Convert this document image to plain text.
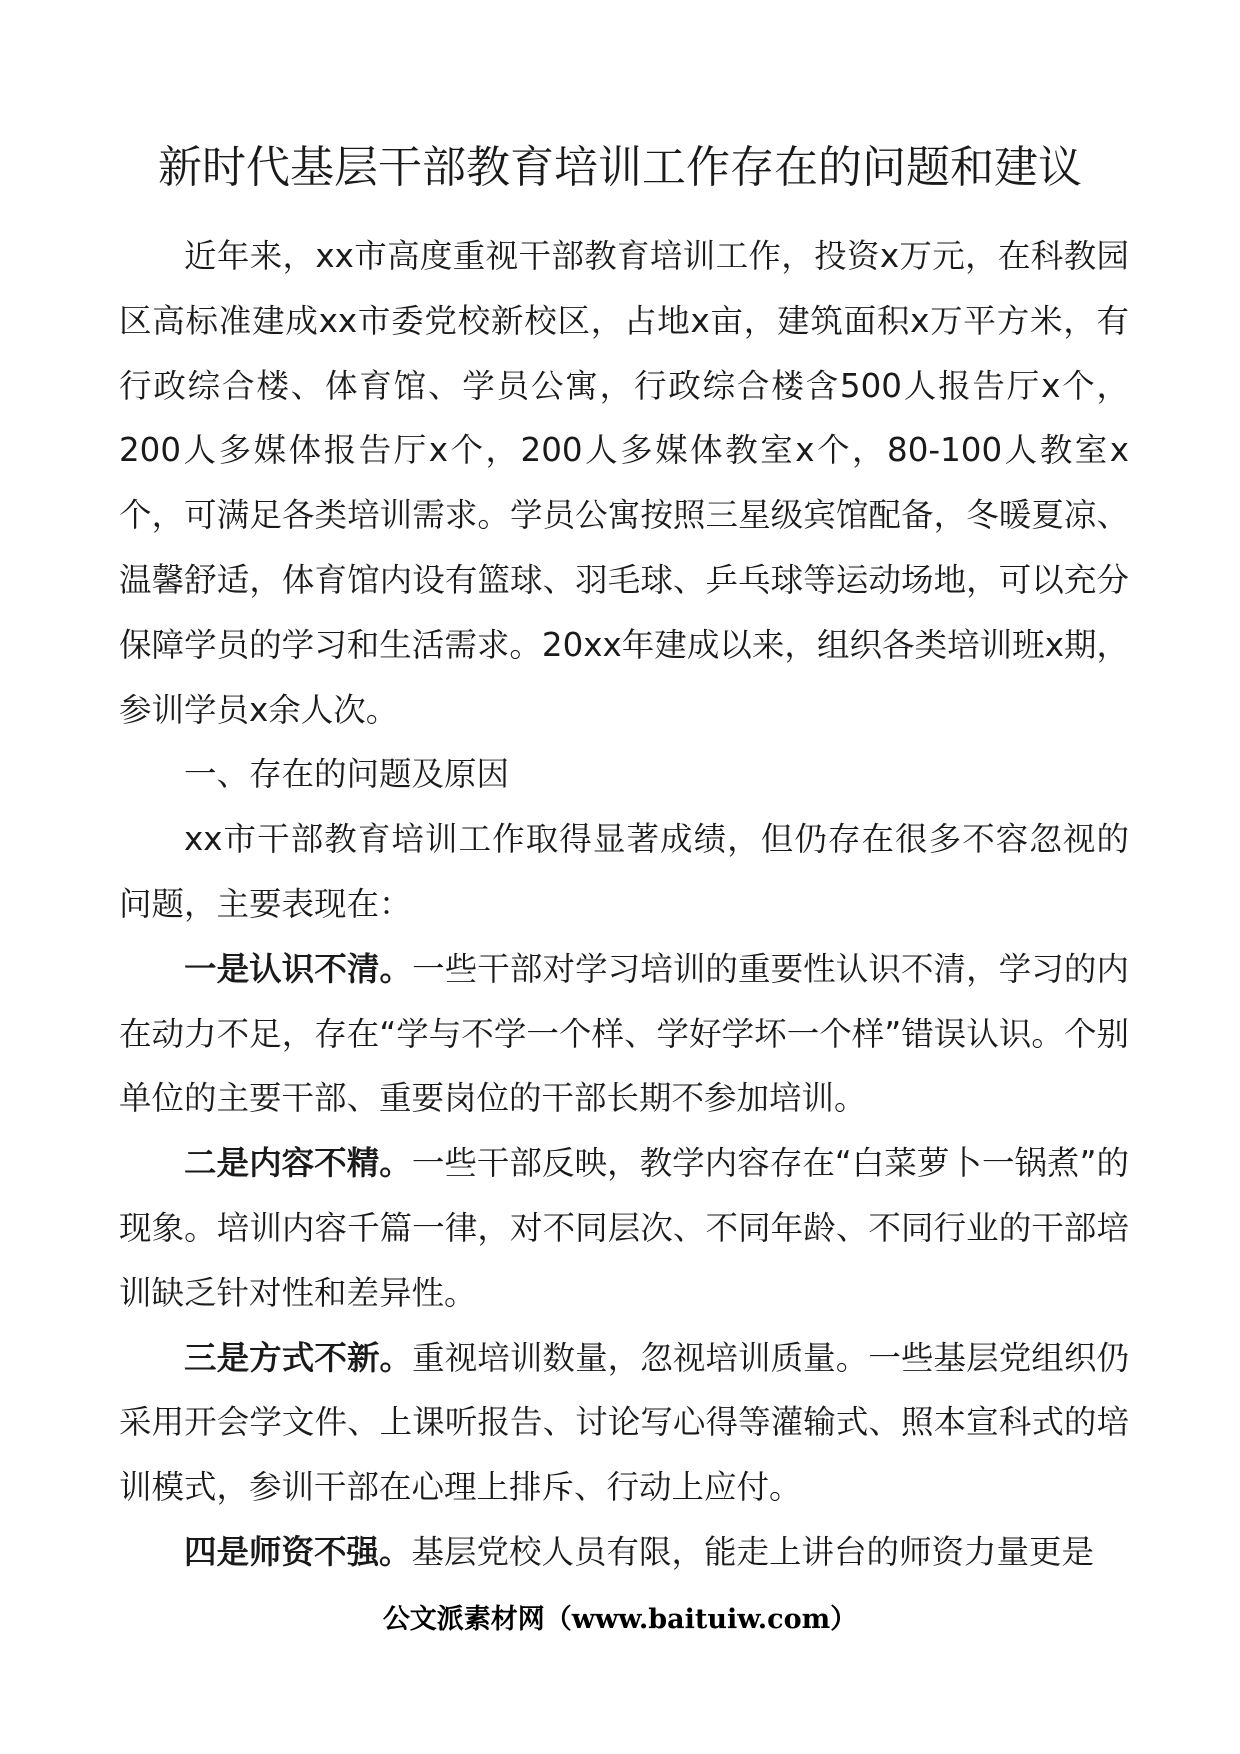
新时代基层干部教育培训工作存在的问题和建议

近年来，xx市高度重视干部教育培训工作，投资x万元，在科教园区高标准建成xx市委党校新校区，占地x亩，建筑面积x万平方米，有行政综合楼、体育馆、学员公寓，行政综合楼含500人报告厅x个，200人多媒体报告厅x个，200人多媒体教室x个，80-100人教室x个，可满足各类培训需求。学员公寓按照三星级宾馆配备，冬暖夏凉、温馨舒适，体育馆内设有篮球、羽毛球、乒乓球等运动场地，可以充分保障学员的学习和生活需求。20xx年建成以来，组织各类培训班x期，参训学员x余人次。

一、存在的问题及原因

xx市干部教育培训工作取得显著成绩，但仍存在很多不容忽视的问题，主要表现在：

一是认识不清。一些干部对学习培训的重要性认识不清，学习的内在动力不足，存在“学与不学一个样、学好学坏一个样”错误认识。个别单位的主要干部、重要岗位的干部长期不参加培训。

二是内容不精。一些干部反映，教学内容存在“白菜萝卜一锅煮”的现象。培训内容千篇一律，对不同层次、不同年龄、不同行业的干部培训缺乏针对性和差异性。

三是方式不新。重视培训数量，忽视培训质量。一些基层党组织仍采用开会学文件、上课听报告、讨论写心得等灌输式、照本宣科式的培训模式，参训干部在心理上排斥、行动上应付。

四是师资不强。基层党校人员有限，能走上讲台的师资力量更是

公文派素材网（www.baituiw.com）
